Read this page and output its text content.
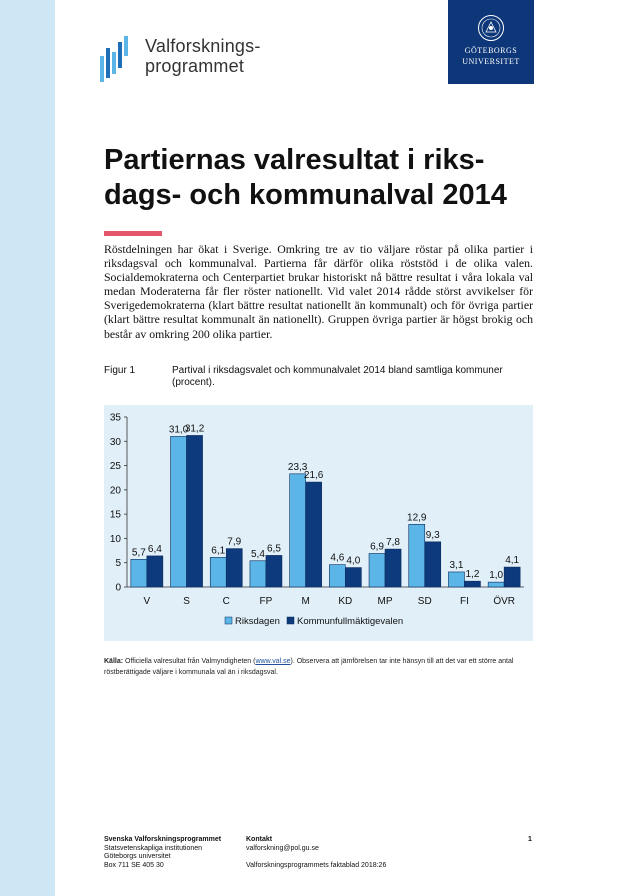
Valforsknings-
programmet
GÖTEBORGS
UNIVERSITET
Partiernas valresultat i riks-dags- och kommunalval 2014
Röstdelningen har ökat i Sverige. Omkring tre av tio väljare röstar på olika partier i riksdagsval och kommunalval. Partierna får därför olika röststöd i de olika valen. Socialdemokraterna och Centerpartiet brukar historiskt nå bättre resultat i våra lokala val medan Moderaterna får fler röster nationellt. Vid valet 2014 rådde störst avvikelser för Sverigedemokraterna (klart bättre resultat nationellt än kommunalt) och för övriga partier (klart bättre resultat kommunalt än nationellt). Gruppen övriga partier är högst brokig och består av omkring 200 olika partier.
Figur 1	Partival i riksdagsvalet och kommunalvalet 2014 bland samtliga kommuner (procent).
0
5
10
15
20
25
30
35
5,7 6,4
V
31,0
31,2
S
6,1
7,9
C
5,4 6,5
FP
23,3
21,6
M
4,6 4,0
KD
6,9 7,8
MP
12,9
9,3
SD
3,1
1,2
FI
1,0
4,1
ÖVR
Riksdagen Kommunfullmäktigevalen
Källa: Officiella valresultat från Valmyndigheten (www.val.se). Observera att jämförelsen tar inte hänsyn till att det var ett större antal röstberättigade väljare i kommunala val än i riksdagsval.
Svenska Valforskningsprogrammet
Statsvetenskapliga institutionen
Göteborgs universitet
Box 711 SE 405 30
Kontakt
valforskning@pol.gu.se
Valforskningsprogrammets faktablad 2018:26
1
